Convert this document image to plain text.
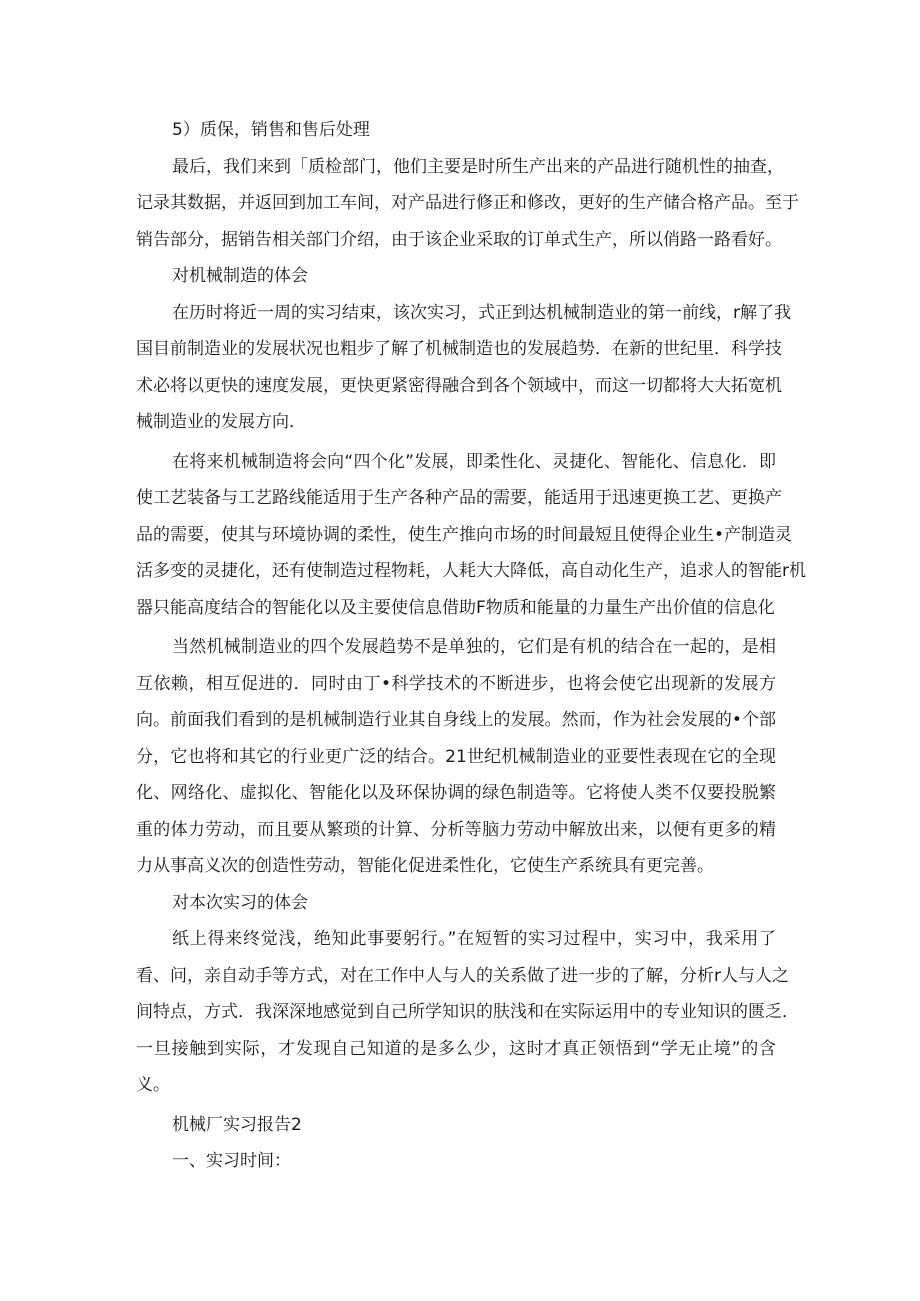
5）质保，销售和售后处理
最后，我们来到「质检部门，他们主要是时所生产出来的产品进行随机性的抽查，
记录其数据，并返回到加工车间，对产品进行修正和修改，更好的生产储合格产品。至于
销告部分，据销告相关部门介绍，由于该企业采取的订单式生产，所以俏路一路看好。
对机械制造的体会
在历时将近一周的实习结束，该次实习，式正到达机械制造业的第一前线，r解了我
国目前制造业的发展状况也粗步了解了机械制造也的发展趋势．在新的世纪里．科学技
术必将以更快的速度发展，更快更紧密得融合到各个领域中，而这一切都将大大拓宽机
械制造业的发展方向．
在将来机械制造将会向“四个化”发展，即柔性化、灵捷化、智能化、信息化．即
使工艺装备与工艺路线能适用于生产各种产品的需要，能适用于迅速更换工艺、更换产
品的需要，使其与环境协调的柔性，使生产推向市场的时间最短且使得企业生•产制造灵
活多变的灵捷化，还有使制造过程物耗，人耗大大降低，高自动化生产，追求人的智能r机
器只能高度结合的智能化以及主要使信息借助F物质和能量的力量生产出价值的信息化
当然机械制造业的四个发展趋势不是单独的，它们是有机的结合在一起的，是相
互依赖，相互促进的．同时由丁•科学技术的不断进步，也将会使它出现新的发展方
向。前面我们看到的是机械制造行业其自身线上的发展。然而，作为社会发展的•个部
分，它也将和其它的行业更广泛的结合。21世纪机械制造业的亚要性表现在它的全现
化、网络化、虚拟化、智能化以及环保协调的绿色制造等。它将使人类不仅要投脱繁
重的体力劳动，而且要从繁琐的计算、分析等脑力劳动中解放出来，以便有更多的精
力从事高义次的创造性劳动，智能化促进柔性化，它使生产系统具有更完善。
对本次实习的体会
纸上得来终觉浅，绝知此事要躬行。”在短暂的实习过程中，实习中，我采用了
看、问，亲自动手等方式，对在工作中人与人的关系做了进一步的了解，分析r人与人之
间特点，方式．我深深地感觉到自己所学知识的肤浅和在实际运用中的专业知识的匮乏．
一旦接触到实际，才发现自己知道的是多么少，这时才真正领悟到“学无止境”的含
义。
机械厂实习报告2
一、实习时间：
